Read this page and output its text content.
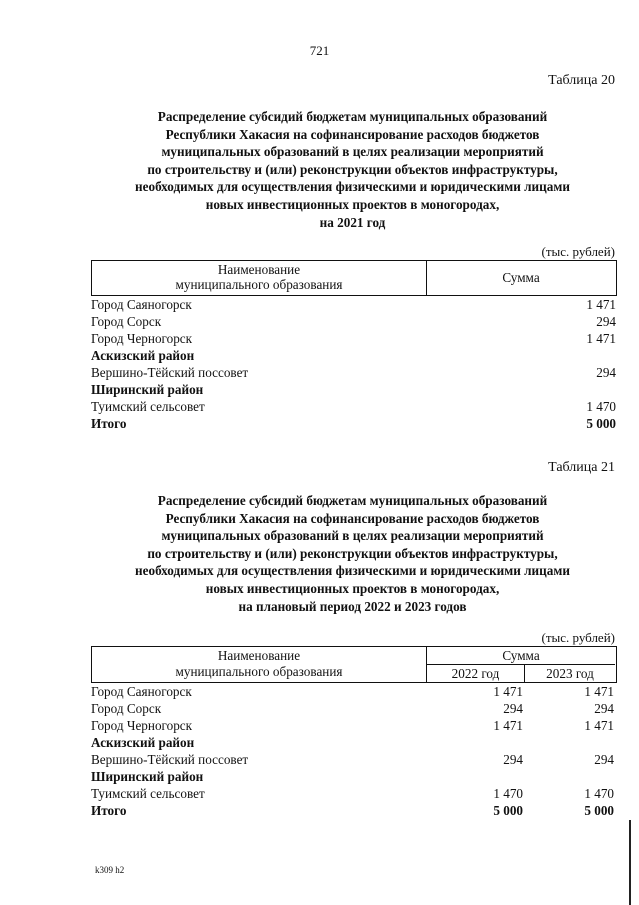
721
Таблица 20
Распределение субсидий бюджетам муниципальных образований
Республики Хакасия на софинансирование расходов бюджетов
муниципальных образований в целях реализации мероприятий
по строительству и (или) реконструкции объектов инфраструктуры,
необходимых для осуществления физическими и юридическими лицами
новых инвестиционных проектов в моногородах,
на 2021 год
(тыс. рублей)
Наименование
муниципального образования	Сумма
Город Саяногорск	1 471
Город Сорск	294
Город Черногорск	1 471
Аскизский район
Вершино-Тёйский поссовет	294
Ширинский район
Туимский сельсовет	1 470
Итого	5 000
Таблица 21
Распределение субсидий бюджетам муниципальных образований
Республики Хакасия на софинансирование расходов бюджетов
муниципальных образований в целях реализации мероприятий
по строительству и (или) реконструкции объектов инфраструктуры,
необходимых для осуществления физическими и юридическими лицами
новых инвестиционных проектов в моногородах,
на плановый период 2022 и 2023 годов
(тыс. рублей)
Наименование
муниципального образования
Сумма
2022 год	2023 год
Город Саяногорск	1 471	1 471
Город Сорск	294	294
Город Черногорск	1 471	1 471
Аскизский район
Вершино-Тёйский поссовет	294	294
Ширинский район
Туимский сельсовет	1 470	1 470
Итого	5 000	5 000
k309 h2
